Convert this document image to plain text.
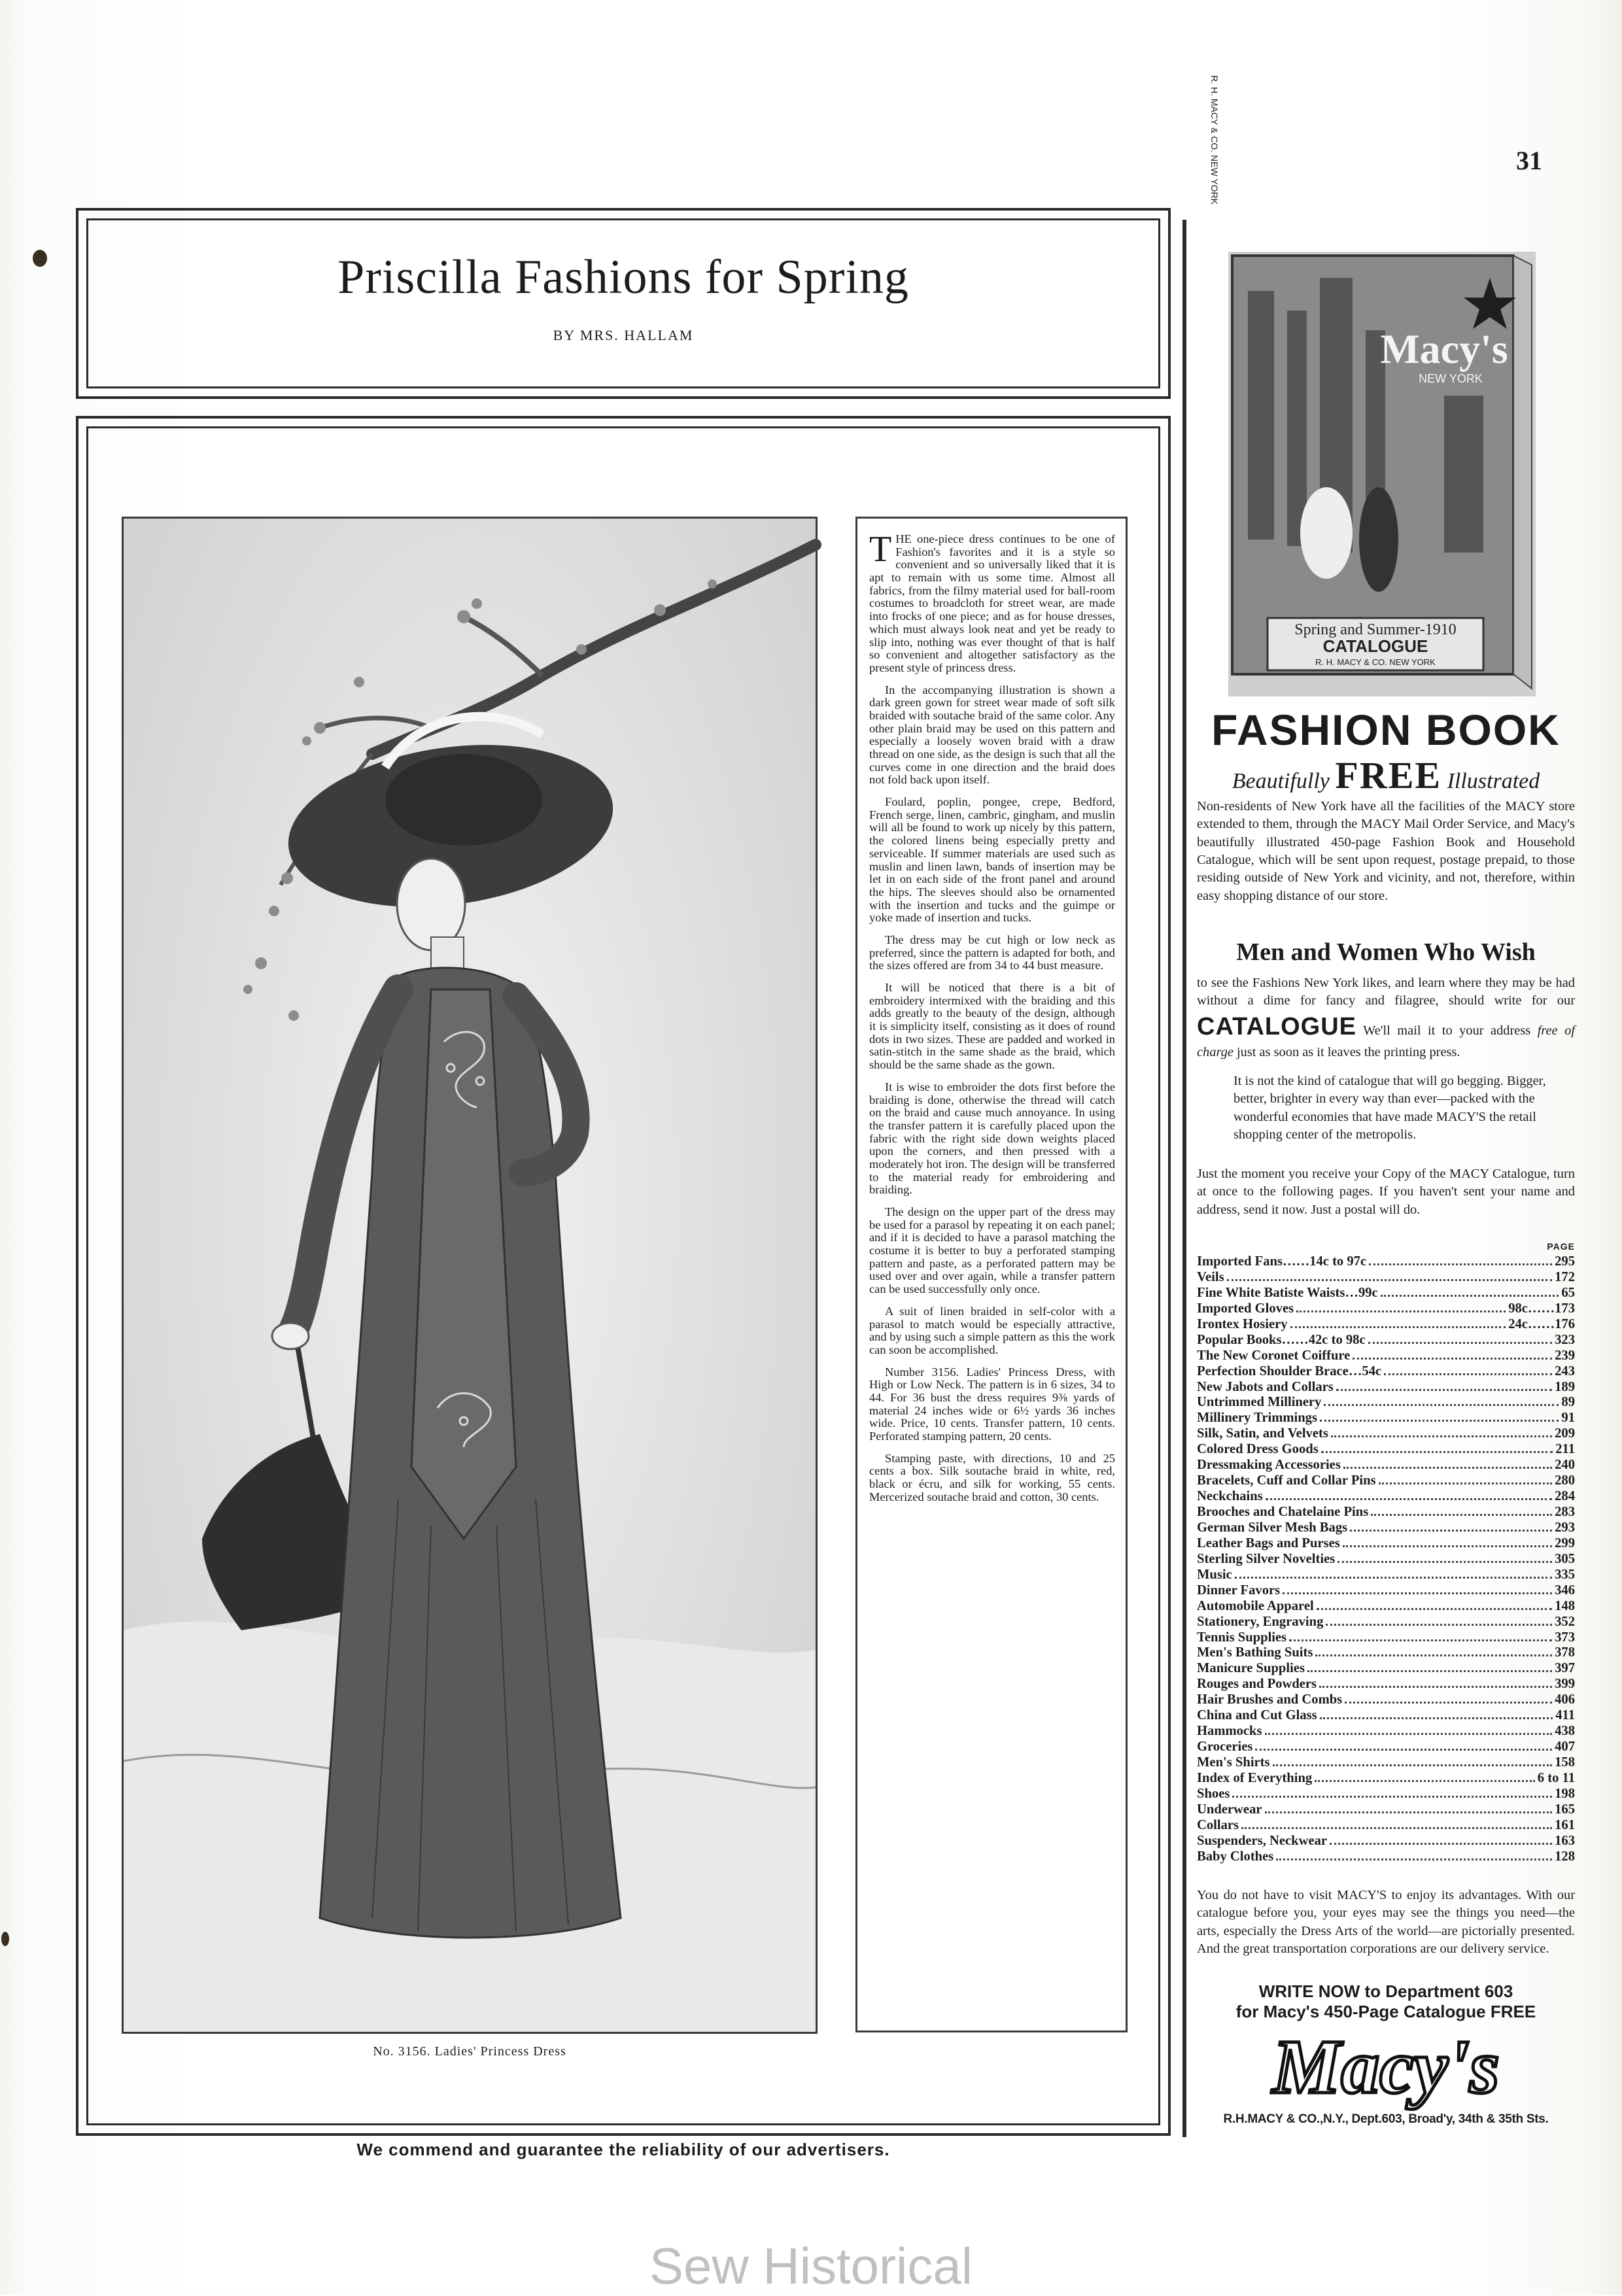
31
Priscilla Fashions for Spring
BY MRS. HALLAM
No. 3156. Ladies' Princess Dress

THE one-piece dress continues to be one of Fashion's favorites and it is a style so convenient and so universally liked that it is apt to remain with us some time. Almost all fabrics, from the filmy material used for ball-room costumes to broadcloth for street wear, are made into frocks of one piece; and as for house dresses, which must always look neat and yet be ready to slip into, nothing was ever thought of that is half so convenient and altogether satisfactory as the present style of princess dress.

In the accompanying illustration is shown a dark green gown for street wear made of soft silk braided with soutache braid of the same color. Any other plain braid may be used on this pattern and especially a loosely woven braid with a draw thread on one side, as the design is such that all the curves come in one direction and the braid does not fold back upon itself.

Foulard, poplin, pongee, crepe, Bedford, French serge, linen, cambric, gingham, and muslin will all be found to work up nicely by this pattern, the colored linens being especially pretty and serviceable. If summer materials are used such as muslin and linen lawn, bands of insertion may be let in on each side of the front panel and around the hips. The sleeves should also be ornamented with the insertion and tucks and the guimpe or yoke made of insertion and tucks.

The dress may be cut high or low neck as preferred, since the pattern is adapted for both, and the sizes offered are from 34 to 44 bust measure.

It will be noticed that there is a bit of embroidery intermixed with the braiding and this adds greatly to the beauty of the design, although it is simplicity itself, consisting as it does of round dots in two sizes. These are padded and worked in satin-stitch in the same shade as the braid, which should be the same shade as the gown.

It is wise to embroider the dots first before the braiding is done, otherwise the thread will catch on the braid and cause much annoyance. In using the transfer pattern it is carefully placed upon the fabric with the right side down weights placed upon the corners, and then pressed with a moderately hot iron. The design will be transferred to the material ready for embroidering and braiding.

The design on the upper part of the dress may be used for a parasol by repeating it on each panel; and if it is decided to have a parasol matching the costume it is better to buy a perforated stamping pattern and paste, as a perforated pattern may be used over and over again, while a transfer pattern can be used successfully only once.

A suit of linen braided in self-color with a parasol to match would be especially attractive, and by using such a simple pattern as this the work can soon be accomplished.

Number 3156. Ladies' Princess Dress, with High or Low Neck. The pattern is in 6 sizes, 34 to 44. For 36 bust the dress requires 9⅜ yards of material 24 inches wide or 6½ yards 36 inches wide. Price, 10 cents. Transfer pattern, 10 cents. Perforated stamping pattern, 20 cents.

Stamping paste, with directions, 10 and 25 cents a box. Silk soutache braid in white, red, black or écru, and silk for working, 55 cents. Mercerized soutache braid and cotton, 30 cents.

We commend and guarantee the reliability of our advertisers.
Sew Historical
Macy's
NEW YORK
R. H. MACY & CO. NEW YORK
Spring and Summer-1910
CATALOGUE
R. H. MACY & CO. NEW YORK
FASHION BOOK
Beautifully FREE Illustrated

Non-residents of New York have all the facilities of the MACY store extended to them, through the MACY Mail Order Service, and Macy's beautifully illustrated 450-page Fashion Book and Household Catalogue, which will be sent upon request, postage prepaid, to those residing outside of New York and vicinity, and not, therefore, within easy shopping distance of our store.

Men and Women Who Wish

to see the Fashions New York likes, and learn where they may be had without a dime for fancy and filagree, should write for our CATALOGUE We'll mail it to your address free of charge just as soon as it leaves the printing press.

It is not the kind of catalogue that will go begging. Bigger, better, brighter in every way than ever—packed with the wonderful economies that have made MACY'S the retail shopping center of the metropolis.

Just the moment you receive your Copy of the MACY Catalogue, turn at once to the following pages. If you haven't sent your name and address, send it now. Just a postal will do.

PAGE
Imported Fans……14c to 97c	295
Veils	172
Fine White Batiste Waists…99c	65
Imported Gloves	98c……173
Irontex Hosiery	24c……176
Popular Books……42c to 98c	323
The New Coronet Coiffure	239
Perfection Shoulder Brace…54c	243
New Jabots and Collars	189
Untrimmed Millinery	89
Millinery Trimmings	91
Silk, Satin, and Velvets	209
Colored Dress Goods	211
Dressmaking Accessories	240
Bracelets, Cuff and Collar Pins	280
Neckchains	284
Brooches and Chatelaine Pins	283
German Silver Mesh Bags	293
Leather Bags and Purses	299
Sterling Silver Novelties	305
Music	335
Dinner Favors	346
Automobile Apparel	148
Stationery, Engraving	352
Tennis Supplies	373
Men's Bathing Suits	378
Manicure Supplies	397
Rouges and Powders	399
Hair Brushes and Combs	406
China and Cut Glass	411
Hammocks	438
Groceries	407
Men's Shirts	158
Index of Everything	6 to 11
Shoes	198
Underwear	165
Collars	161
Suspenders, Neckwear	163
Baby Clothes	128

You do not have to visit MACY'S to enjoy its advantages. With our catalogue before you, your eyes may see the things you need—the arts, especially the Dress Arts of the world—are pictorially presented. And the great transportation corporations are our delivery service.

WRITE NOW to Department 603
for Macy's 450-Page Catalogue FREE
Macy's
R.H.MACY & CO.,N.Y., Dept.603, Broad'y, 34th & 35th Sts.
